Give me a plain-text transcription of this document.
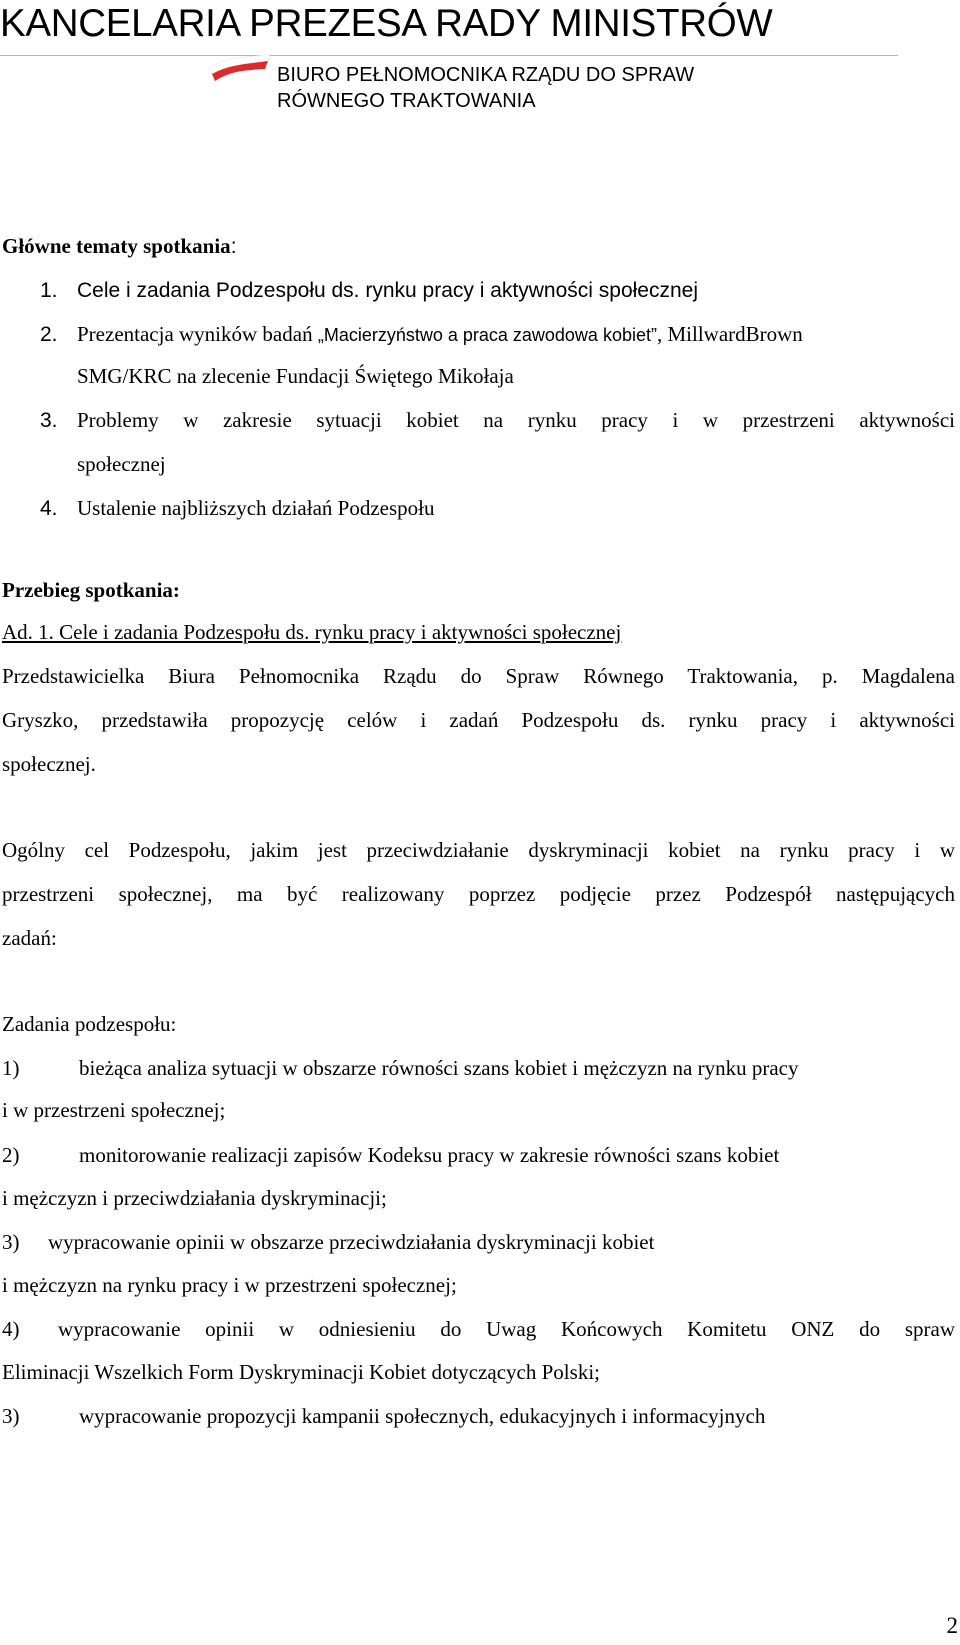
KANCELARIA PREZESA RADY MINISTRÓW
BIURO PEŁNOMOCNIKA RZĄDU DO SPRAW
RÓWNEGO TRAKTOWANIA
Główne tematy spotkania:
1. Cele i zadania Podzespołu ds. rynku pracy i aktywności społecznej
2. Prezentacja wyników badań „Macierzyństwo a praca zawodowa kobiet”, MillwardBrown
SMG/KRC na zlecenie Fundacji Świętego Mikołaja
3. Problemy w zakresie sytuacji kobiet na rynku pracy i w przestrzeni aktywności
społecznej
4. Ustalenie najbliższych działań Podzespołu
Przebieg spotkania:
Ad. 1. Cele i zadania Podzespołu ds. rynku pracy i aktywności społecznej
Przedstawicielka Biura Pełnomocnika Rządu do Spraw Równego Traktowania, p. Magdalena
Gryszko, przedstawiła propozycję celów i zadań Podzespołu ds. rynku pracy i aktywności
społecznej.
Ogólny cel Podzespołu, jakim jest przeciwdziałanie dyskryminacji kobiet na rynku pracy i w
przestrzeni społecznej, ma być realizowany poprzez podjęcie przez Podzespół następujących
zadań:
Zadania podzespołu:
1)	bieżąca analiza sytuacji w obszarze równości szans kobiet i mężczyzn na rynku pracy
i w przestrzeni społecznej;
2)	monitorowanie realizacji zapisów Kodeksu pracy w zakresie równości szans kobiet
i mężczyzn i przeciwdziałania dyskryminacji;
3) wypracowanie opinii w obszarze przeciwdziałania dyskryminacji kobiet
i mężczyzn na rynku pracy i w przestrzeni społecznej;
4) wypracowanie opinii w odniesieniu do Uwag Końcowych Komitetu ONZ do spraw
Eliminacji Wszelkich Form Dyskryminacji Kobiet dotyczących Polski;
3)	wypracowanie propozycji kampanii społecznych, edukacyjnych i informacyjnych
2
